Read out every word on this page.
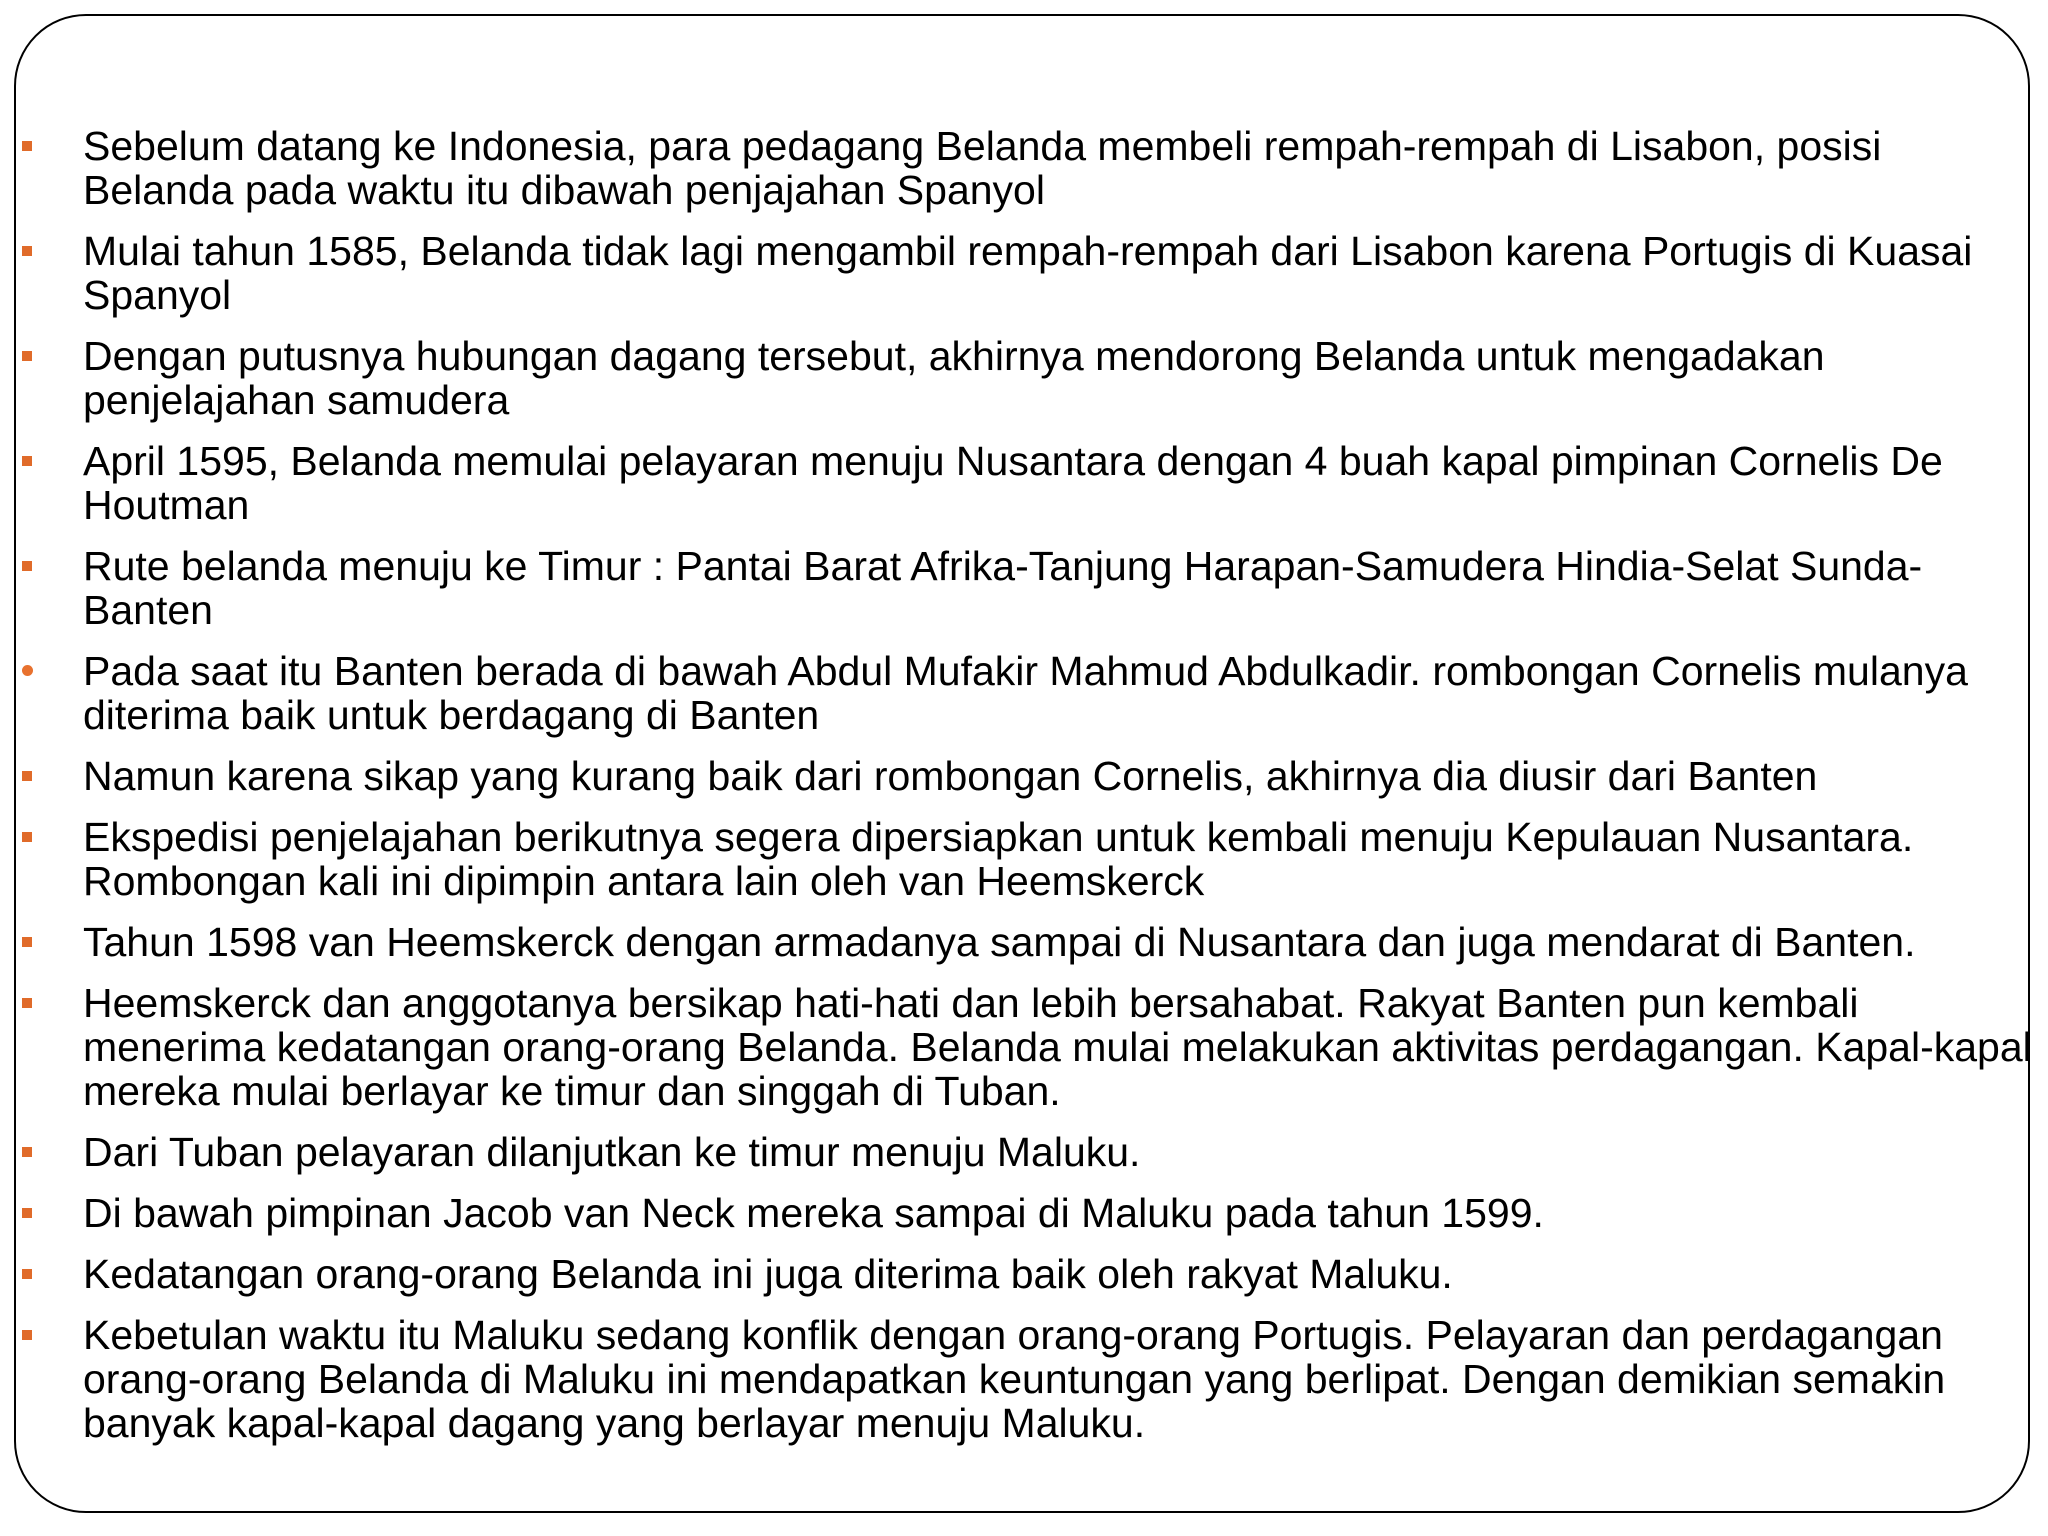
Sebelum datang ke Indonesia, para pedagang Belanda membeli rempah-rempah di Lisabon, posisi Belanda pada waktu itu dibawah penjajahan Spanyol
Mulai tahun 1585, Belanda tidak lagi mengambil rempah-rempah dari Lisabon karena Portugis di Kuasai Spanyol
Dengan putusnya hubungan dagang tersebut, akhirnya mendorong Belanda untuk mengadakan penjelajahan samudera
April 1595, Belanda memulai pelayaran menuju Nusantara dengan 4 buah kapal pimpinan Cornelis De Houtman
Rute belanda menuju ke Timur : Pantai Barat Afrika-Tanjung Harapan-Samudera Hindia-Selat Sunda-Banten
Pada saat itu Banten berada di bawah Abdul Mufakir Mahmud Abdulkadir. rombongan Cornelis mulanya diterima baik untuk berdagang di Banten
Namun karena sikap yang kurang baik dari rombongan Cornelis, akhirnya dia diusir dari Banten
Ekspedisi penjelajahan berikutnya segera dipersiapkan untuk kembali menuju Kepulauan Nusantara. Rombongan kali ini dipimpin antara lain oleh van Heemskerck
Tahun 1598 van Heemskerck dengan armadanya sampai di Nusantara dan juga mendarat di Banten.
Heemskerck dan anggotanya bersikap hati-hati dan lebih bersahabat. Rakyat Banten pun kembali menerima kedatangan orang-orang Belanda. Belanda mulai melakukan aktivitas perdagangan. Kapal-kapal mereka mulai berlayar ke timur dan singgah di Tuban.
Dari Tuban pelayaran dilanjutkan ke timur menuju Maluku.
Di bawah pimpinan Jacob van Neck mereka sampai di Maluku pada tahun 1599.
Kedatangan orang-orang Belanda ini juga diterima baik oleh rakyat Maluku.
Kebetulan waktu itu Maluku sedang konflik dengan orang-orang Portugis. Pelayaran dan perdagangan orang-orang Belanda di Maluku ini mendapatkan keuntungan yang berlipat. Dengan demikian semakin banyak kapal-kapal dagang yang berlayar menuju Maluku.
